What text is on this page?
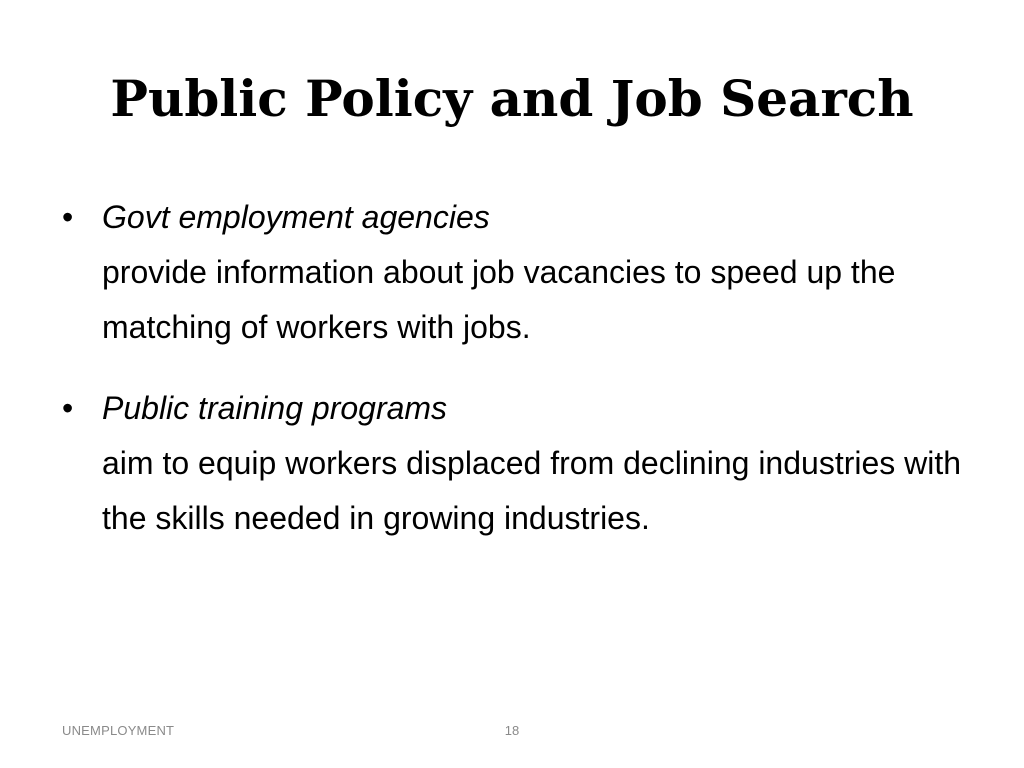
Public Policy and Job Search
• Govt employment agencies
provide information about job vacancies to speed up the matching of workers with jobs.
• Public training programs
aim to equip workers displaced from declining industries with the skills needed in growing industries.
UNEMPLOYMENT	18
